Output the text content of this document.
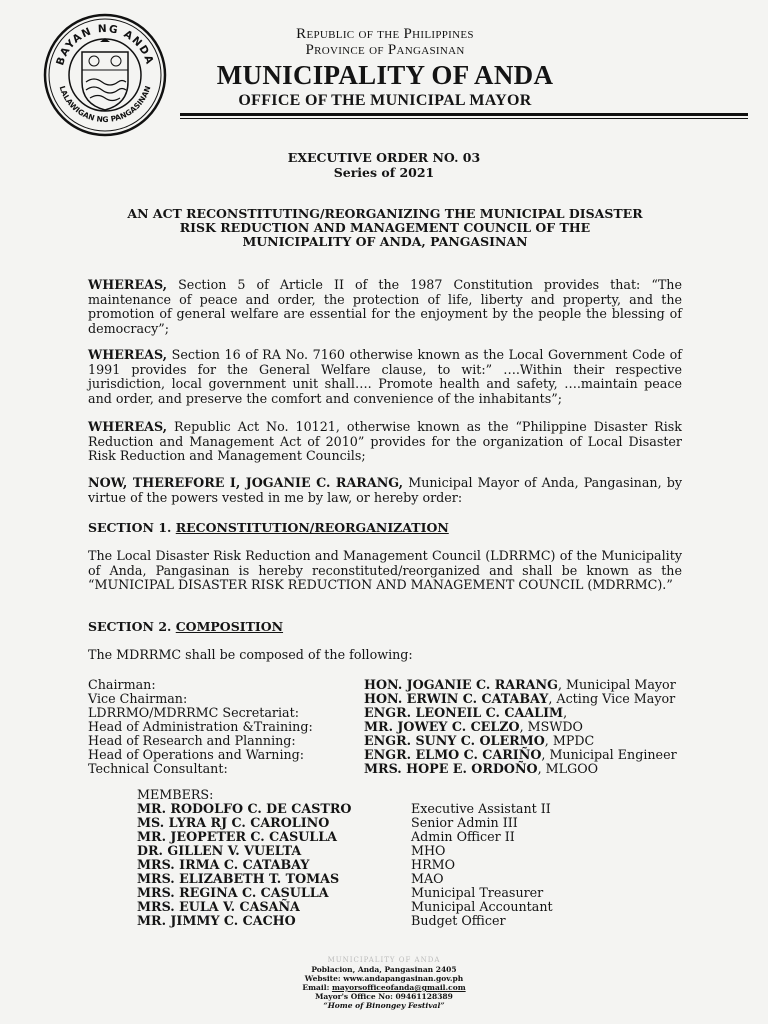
BAYAN NG ANDA
LALAWIGAN NG PANGASINAN
Republic of the Philippines
Province of Pangasinan
MUNICIPALITY OF ANDA
OFFICE OF THE MUNICIPAL MAYOR
EXECUTIVE ORDER NO. 03
Series of 2021
AN ACT RECONSTITUTING/REORGANIZING THE MUNICIPAL DISASTER
RISK REDUCTION AND MANAGEMENT COUNCIL OF THE
MUNICIPALITY OF ANDA, PANGASINAN
WHEREAS, Section 5 of Article II of the 1987 Constitution provides that: “The maintenance of peace and order, the protection of life, liberty and property, and the promotion of general welfare are essential for the enjoyment by the people the blessing of democracy”;
WHEREAS, Section 16 of RA No. 7160 otherwise known as the Local Government Code of 1991 provides for the General Welfare clause, to wit:” ….Within their respective jurisdiction, local government unit shall…. Promote health and safety, ….maintain peace and order, and preserve the comfort and convenience of the inhabitants”;
WHEREAS, Republic Act No. 10121, otherwise known as the “Philippine Disaster Risk Reduction and Management Act of 2010” provides for the organization of Local Disaster Risk Reduction and Management Councils;
NOW, THEREFORE I, JOGANIE C. RARANG, Municipal Mayor of Anda, Pangasinan, by virtue of the powers vested in me by law, or hereby order:
SECTION 1. RECONSTITUTION/REORGANIZATION
The Local Disaster Risk Reduction and Management Council (LDRRMC) of the Municipality of Anda, Pangasinan is hereby reconstituted/reorganized and shall be known as the “MUNICIPAL DISASTER RISK REDUCTION AND MANAGEMENT COUNCIL (MDRRMC).”
SECTION 2. COMPOSITION
The MDRRMC shall be composed of the following:
Chairman:	HON. JOGANIE C. RARANG, Municipal Mayor
Vice Chairman:	HON. ERWIN C. CATABAY, Acting Vice Mayor
LDRRMO/MDRRMC Secretariat:	ENGR. LEONEIL C. CAALIM,
Head of Administration &Training:	MR. JOWEY C. CELZO, MSWDO
Head of Research and Planning:	ENGR. SUNY C. OLERMO, MPDC
Head of Operations and Warning:	ENGR. ELMO C. CARIÑO, Municipal Engineer
Technical Consultant:	MRS. HOPE E. ORDOÑO, MLGOO
MEMBERS:
MR. RODOLFO C. DE CASTRO	Executive Assistant II
MS. LYRA RJ C. CAROLINO	Senior Admin III
MR. JEOPETER C. CASULLA	Admin Officer II
DR. GILLEN V. VUELTA	MHO
MRS. IRMA C. CATABAY	HRMO
MRS. ELIZABETH T. TOMAS	MAO
MRS. REGINA C. CASULLA	Municipal Treasurer
MRS. EULA V. CASAÑA	Municipal Accountant
MR. JIMMY C. CACHO	Budget Officer
MUNICIPALITY OF ANDA
Poblacion, Anda, Pangasinan 2405
Website: www.andapangasinan.gov.ph
Email: mayorsofficeofanda@gmail.com
Mayor's Office No: 09461128389
“Home of Binongey Festival”
